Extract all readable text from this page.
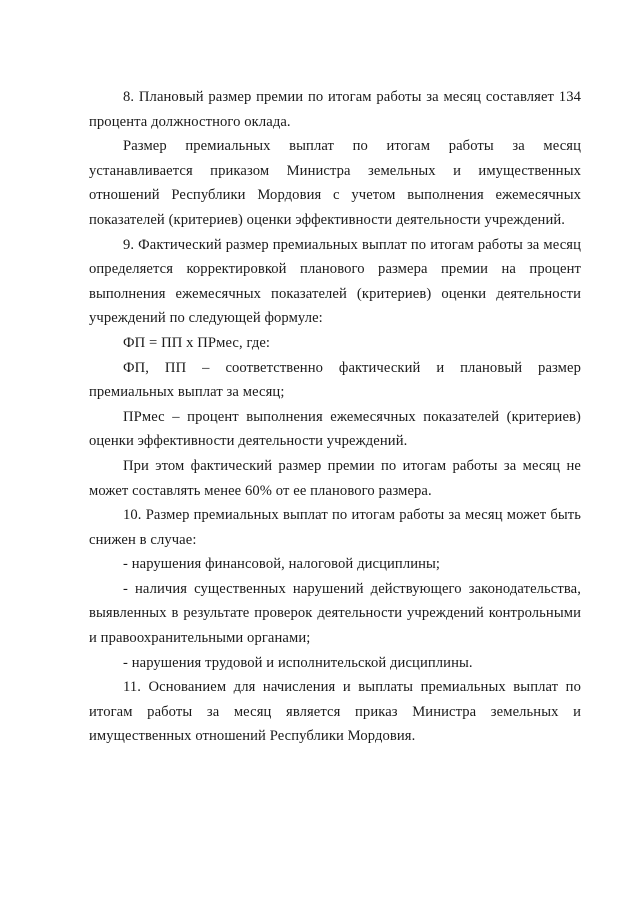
8. Плановый размер премии по итогам работы за месяц составляет 134 процента должностного оклада.

Размер премиальных выплат по итогам работы за месяц устанавливается приказом Министра земельных и имущественных отношений Республики Мордовия с учетом выполнения ежемесячных показателей (критериев) оценки эффективности деятельности учреждений.

9. Фактический размер премиальных выплат по итогам работы за месяц определяется корректировкой планового размера премии на процент выполнения ежемесячных показателей (критериев) оценки деятельности учреждений по следующей формуле:

ФП = ПП х ПРмес, где:

ФП, ПП – соответственно фактический и плановый размер премиальных выплат за месяц;

ПРмес – процент выполнения ежемесячных показателей (критериев) оценки эффективности деятельности учреждений.

При этом фактический размер премии по итогам работы за месяц не может составлять менее 60% от ее планового размера.

10. Размер премиальных выплат по итогам работы за месяц может быть снижен в случае:

- нарушения финансовой, налоговой дисциплины;

- наличия существенных нарушений действующего законодательства, выявленных в результате проверок деятельности учреждений контрольными и правоохранительными органами;

- нарушения трудовой и исполнительской дисциплины.

11. Основанием для начисления и выплаты премиальных выплат по итогам работы за месяц является приказ Министра земельных и имущественных отношений Республики Мордовия.
